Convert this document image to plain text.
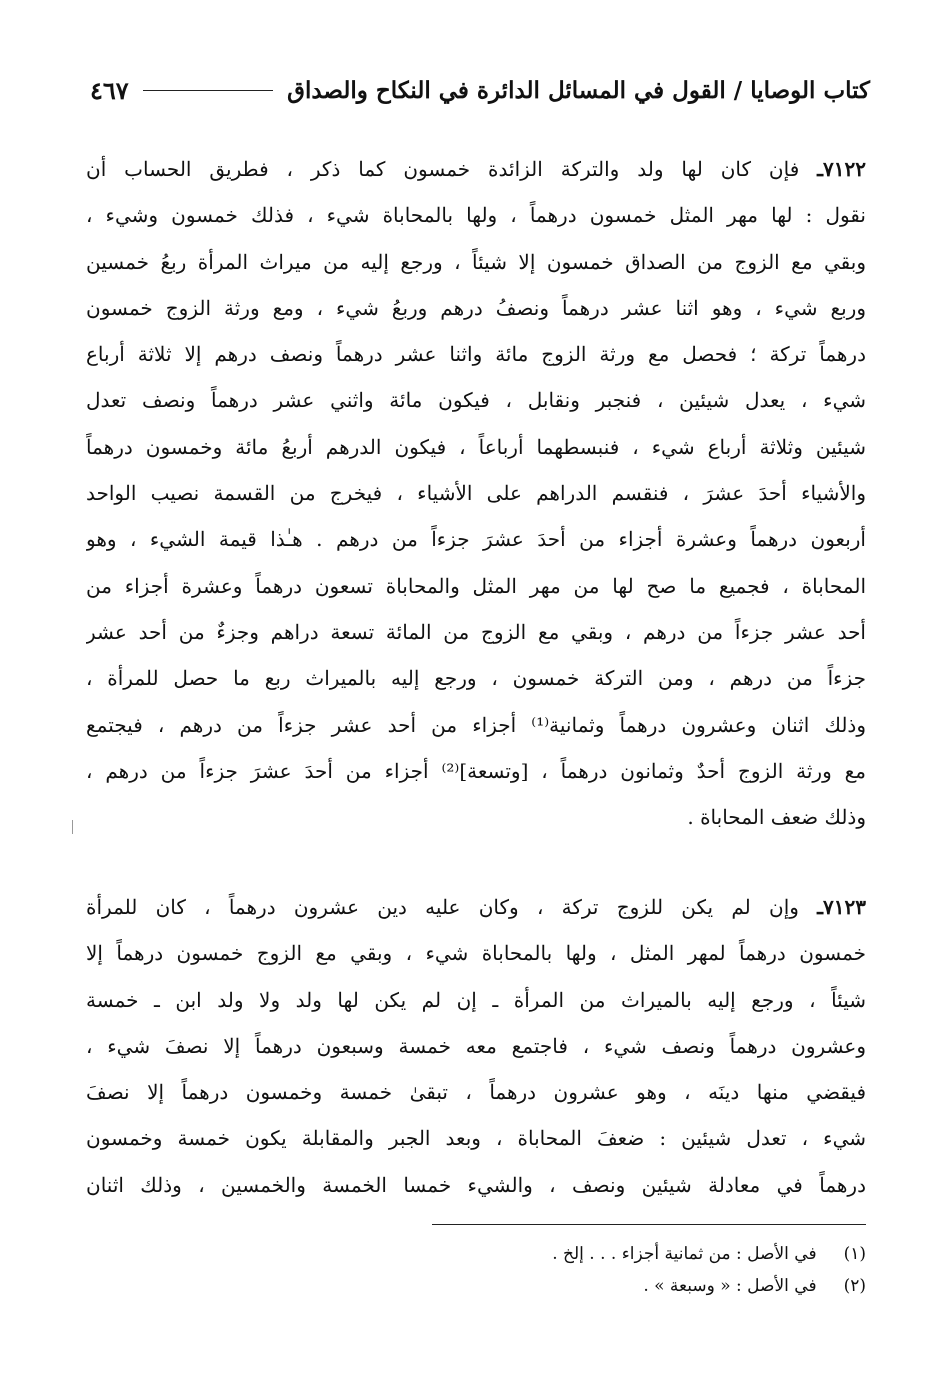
كتاب الوصايا / القول في المسائل الدائرة في النكاح والصداق
٤٦٧
٧١٢٢ـ فإن كان لها ولد والتركة الزائدة خمسون كما ذكر ، فطريق الحساب أن
نقول : لها مهر المثل خمسون درهماً ، ولها بالمحاباة شيء ، فذلك خمسون وشيء ،
وبقي مع الزوج من الصداق خمسون إلا شيئاً ، ورجع إليه من ميراث المرأة ربعُ خمسين
وربع شيء ، وهو اثنا عشر درهماً ونصفُ درهم وربعُ شيء ، ومع ورثة الزوج خمسون
درهماً تركة ؛ فحصل مع ورثة الزوج مائة واثنا عشر درهماً ونصف درهم إلا ثلاثة أرباع
شيء ، يعدل شيئين ، فنجبر ونقابل ، فيكون مائة واثني عشر درهماً ونصف تعدل
شيئين وثلاثة أرباع شيء ، فنبسطهما أرباعاً ، فيكون الدرهم أربعُ مائة وخمسون درهماً
والأشياء أحدَ عشرَ ، فنقسم الدراهم على الأشياء ، فيخرج من القسمة نصيب الواحد
أربعون درهماً وعشرة أجزاء من أحدَ عشرَ جزءاً من درهم . هـٰذا قيمة الشيء ، وهو
المحاباة ، فجميع ما صح لها من مهر المثل والمحاباة تسعون درهماً وعشرة أجزاء من
أحد عشر جزءاً من درهم ، وبقي مع الزوج من المائة تسعة دراهم وجزءٌ من أحد عشر
جزءاً من درهم ، ومن التركة خمسون ، ورجع إليه بالميراث ربع ما حصل للمرأة ،
وذلك اثنان وعشرون درهماً وثمانية⁽¹⁾ أجزاء من أحد عشر جزءاً من درهم ، فيجتمع
مع ورثة الزوج أحدٌ وثمانون درهماً ، [وتسعة]⁽²⁾ أجزاء من أحدَ عشرَ جزءاً من درهم ،
وذلك ضعف المحاباة .
٧١٢٣ـ وإن لم يكن للزوج تركة ، وكان عليه دين عشرون درهماً ، كان للمرأة
خمسون درهماً لمهر المثل ، ولها بالمحاباة شيء ، وبقي مع الزوج خمسون درهماً إلا
شيئاً ، ورجع إليه بالميراث من المرأة ـ إن لم يكن لها ولد ولا ولد ابن ـ خمسة
وعشرون درهماً ونصف شيء ، فاجتمع معه خمسة وسبعون درهماً إلا نصفَ شيء ،
فيقضي منها دينَه ، وهو عشرون درهماً ، تبقىٰ خمسة وخمسون درهماً إلا نصفَ
شيء ، تعدل شيئين : ضعفَ المحاباة ، وبعد الجبر والمقابلة يكون خمسة وخمسون
درهماً في معادلة شيئين ونصف ، والشيء خمسا الخمسة والخمسين ، وذلك اثنان
(١) في الأصل : من ثمانية أجزاء . . . إلخ .
(٢) في الأصل : « وسبعة » .
